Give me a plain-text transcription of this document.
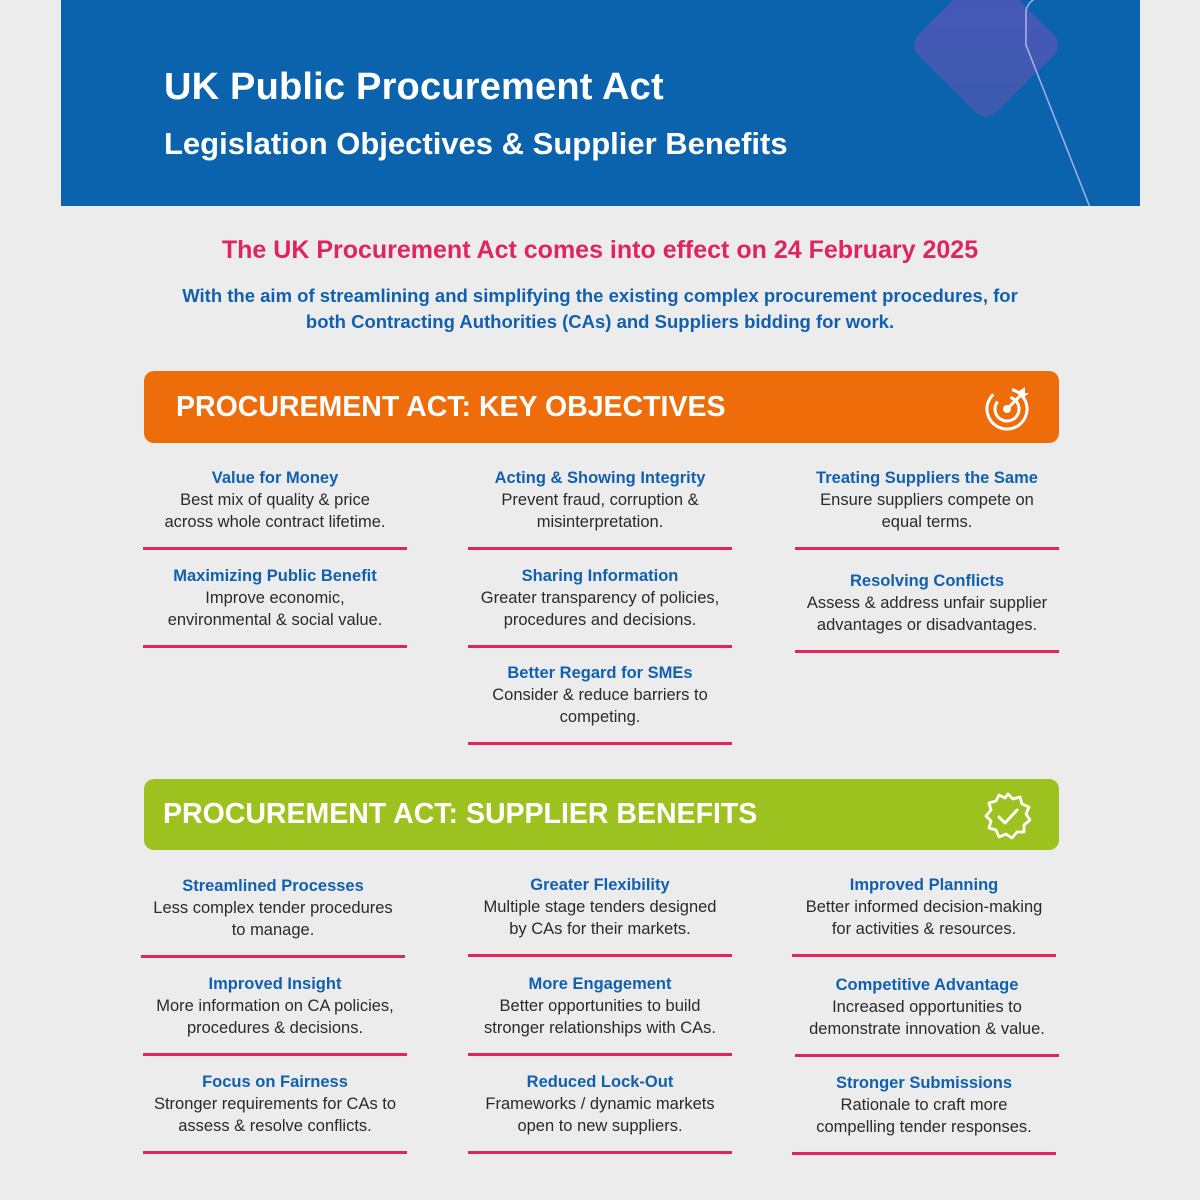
UK Public Procurement Act
Legislation Objectives & Supplier Benefits
The UK Procurement Act comes into effect on 24 February 2025
With the aim of streamlining and simplifying the existing complex procurement procedures, for
both Contracting Authorities (CAs) and Suppliers bidding for work.
PROCUREMENT ACT: KEY OBJECTIVES
Value for Money
Best mix of quality & price
across whole contract lifetime.
Acting & Showing Integrity
Prevent fraud, corruption &
misinterpretation.
Treating Suppliers the Same
Ensure suppliers compete on
equal terms.
Maximizing Public Benefit
Improve economic,
environmental & social value.
Sharing Information
Greater transparency of policies,
procedures and decisions.
Resolving Conflicts
Assess & address unfair supplier
advantages or disadvantages.
Better Regard for SMEs
Consider & reduce barriers to
competing.
PROCUREMENT ACT: SUPPLIER BENEFITS
Streamlined Processes
Less complex tender procedures
to manage.
Greater Flexibility
Multiple stage tenders designed
by CAs for their markets.
Improved Planning
Better informed decision-making
for activities & resources.
Improved Insight
More information on CA policies,
procedures & decisions.
More Engagement
Better opportunities to build
stronger relationships with CAs.
Competitive Advantage
Increased opportunities to
demonstrate innovation & value.
Focus on Fairness
Stronger requirements for CAs to
assess & resolve conflicts.
Reduced Lock-Out
Frameworks / dynamic markets
open to new suppliers.
Stronger Submissions
Rationale to craft more
compelling tender responses.
